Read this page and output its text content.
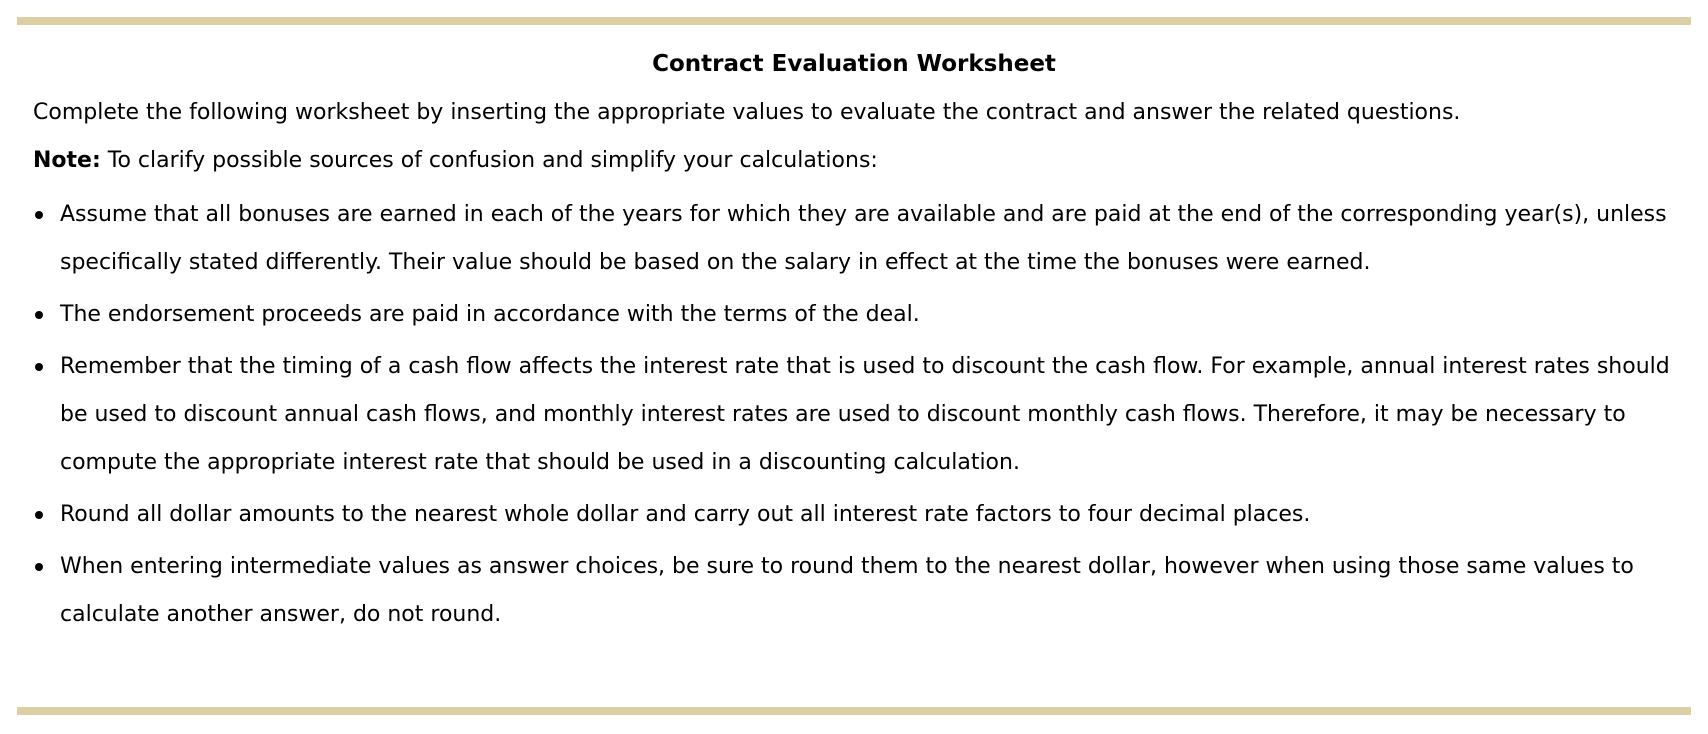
Contract Evaluation Worksheet

Complete the following worksheet by inserting the appropriate values to evaluate the contract and answer the related questions.

Note: To clarify possible sources of confusion and simplify your calculations:

Assume that all bonuses are earned in each of the years for which they are available and are paid at the end of the corresponding year(s), unless specifically stated differently. Their value should be based on the salary in effect at the time the bonuses were earned.
The endorsement proceeds are paid in accordance with the terms of the deal.
Remember that the timing of a cash flow affects the interest rate that is used to discount the cash flow. For example, annual interest rates should be used to discount annual cash flows, and monthly interest rates are used to discount monthly cash flows. Therefore, it may be necessary to compute the appropriate interest rate that should be used in a discounting calculation.
Round all dollar amounts to the nearest whole dollar and carry out all interest rate factors to four decimal places.
When entering intermediate values as answer choices, be sure to round them to the nearest dollar, however when using those same values to calculate another answer, do not round.
